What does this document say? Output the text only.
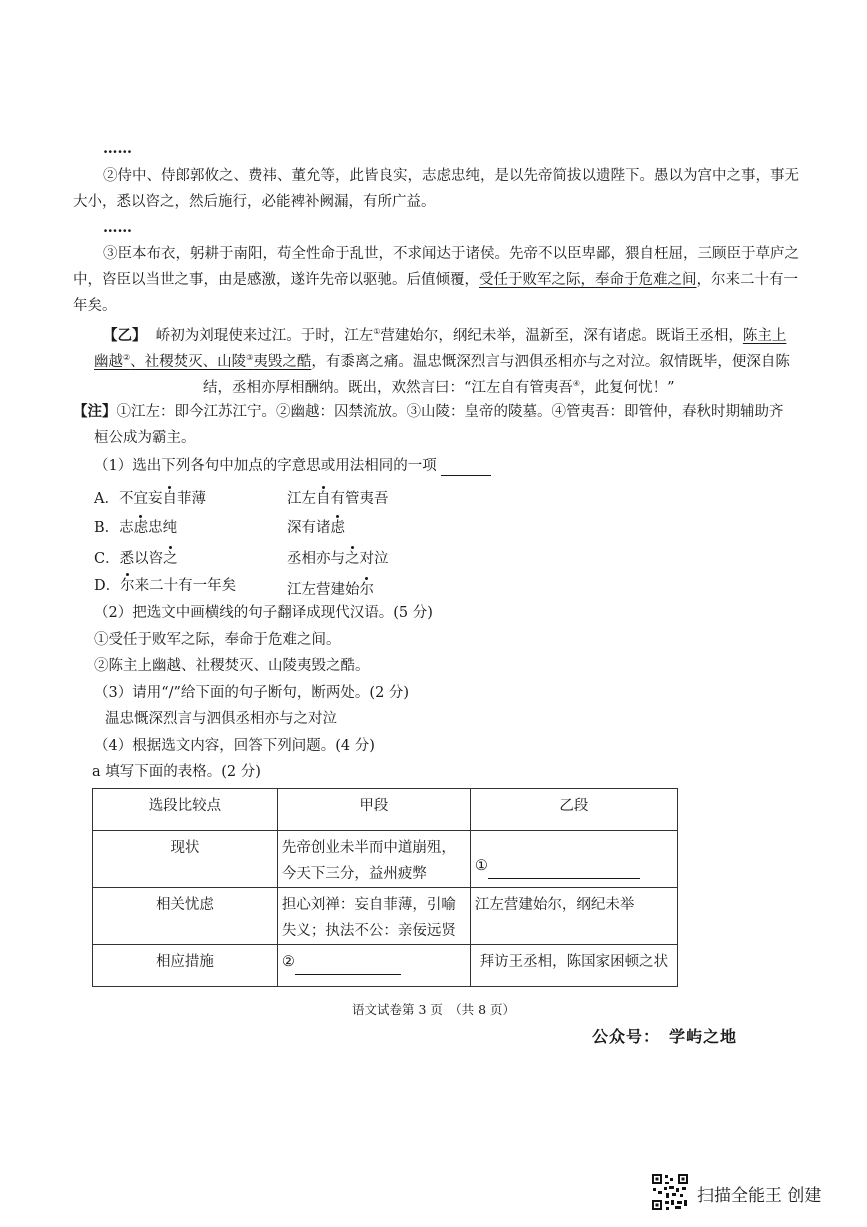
……
②侍中、侍郎郭攸之、费祎、董允等，此皆良实，志虑忠纯，是以先帝简拔以遗陛下。愚以为宫中之事，事无
大小，悉以咨之，然后施行，必能裨补阙漏，有所广益。
……
③臣本布衣，躬耕于南阳，苟全性命于乱世，不求闻达于诸侯。先帝不以臣卑鄙，猥自枉屈，三顾臣于草庐之
中，咨臣以当世之事，由是感激，遂许先帝以驱驰。后值倾覆，受任于败军之际，奉命于危难之间，尔来二十有一
年矣。
【乙】 峤初为刘琨使来过江。于时，江左①营建始尔，纲纪未举，温新至，深有诸虑。既诣王丞相，陈主上
幽越②、社稷焚灭、山陵③夷毁之酷，有黍离之痛。温忠慨深烈言与泗俱丞相亦与之对泣。叙情既毕，便深自陈
结，丞相亦厚相酬纳。既出，欢然言曰：“江左自有管夷吾④，此复何忧！”
【注】①江左：即今江苏江宁。②幽越：囚禁流放。③山陵：皇帝的陵墓。④管夷吾：即管仲，春秋时期辅助齐
桓公成为霸主。
（1）选出下列各句中加点的字意思或用法相同的一项
A．不宜妄自菲薄	江左自有管夷吾
B．志虑忠纯	深有诸虑
C．悉以咨之	丞相亦与之对泣
D．尔来二十有一年矣	江左营建始尔
（2）把选文中画横线的句子翻译成现代汉语。(5 分)
①受任于败军之际，奉命于危难之间。
②陈主上幽越、社稷焚灭、山陵夷毁之酷。
（3）请用“/”给下面的句子断句，断两处。(2 分)
温忠慨深烈言与泗俱丞相亦与之对泣
（4）根据选文内容，回答下列问题。(4 分)
a 填写下面的表格。(2 分)
选段比较点	甲段	乙段
现状	先帝创业未半而中道崩殂，今天下三分，益州疲弊	①
相关忧虑	担心刘禅：妄自菲薄，引喻失义；执法不公：亲佞远贤	江左营建始尔，纲纪未举
相应措施	②	拜访王丞相，陈国家困顿之状
语文试卷第 3 页　（共 8 页）
公众号：　学屿之地
扫描全能王 创建
